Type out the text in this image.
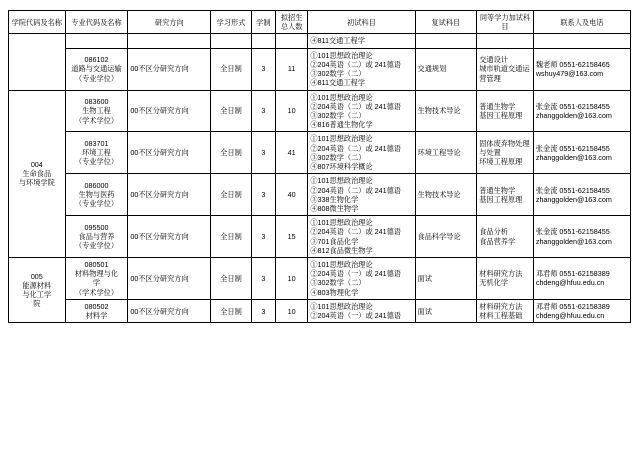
学院代码及名称	专业代码及名称	研究方向	学习形式	学制	拟招生总人数	初试科目	复试科目	同等学力加试科目	联系人及电话

						④811交通工程学			

	086102
道路与交通运输
（专业学位）	00不区分研究方向	全日制	3	11	①101思想政治理论
②204英语（二）或 241德语
③302数学（二）
④811交通工程学	交通规划	交通设计
城市轨道交通运营管理	魏老师 0551-62158465
wshuy479@163.com

004
生命食品
与环境学院	083600
生物工程
（学术学位）	00不区分研究方向	全日制	3	10	①101思想政治理论
②204英语（二）或 241德语
③302数学（二）
④816普通生物化学	生物技术导论	普通生物学
基因工程原理	张金流 0551-62158455
zhanggolden@163.com

	083701
环境工程
（专业学位）	00不区分研究方向	全日制	3	41	①101思想政治理论
②204英语（二）或 241德语
③302数学（二）
④807环境科学概论	环境工程导论	固体废弃物处理与处置
环境工程原理	张金流 0551-62158455
zhanggolden@163.com

	086000
生物与医药
（专业学位）	00不区分研究方向	全日制	3	40	①101思想政治理论
②204英语（二）或 241德语
③338生物化学
④808微生物学	生物技术导论	普通生物学
基因工程原理	张金流 0551-62158455
zhanggolden@163.com

	095500
食品与营养
（专业学位）	00不区分研究方向	全日制	3	15	①101思想政治理论
②204英语（二）或 241德语
③701食品化学
④812食品微生物学	食品科学导论	食品分析
食品营养学	张金流 0551-62158455
zhanggolden@163.com

005
能源材料
与化工学
院	080501
材料物理与化
学
（学术学位）	00不区分研究方向	全日制	3	10	①101思想政治理论
②204英语（一）或 241德语
③302数学（二）
④803物理化学	面试	材料研究方法
无机化学	邓君师 0551-62158389
chdeng@hfuu.edu.cn

	080502
材料学	00不区分研究方向	全日制	3	10	①101思想政治理论
②204英语（一）或 241德语	面试	材料研究方法
材料工程基础	邓君师 0551-62158389
chdeng@hfuu.edu.cn
